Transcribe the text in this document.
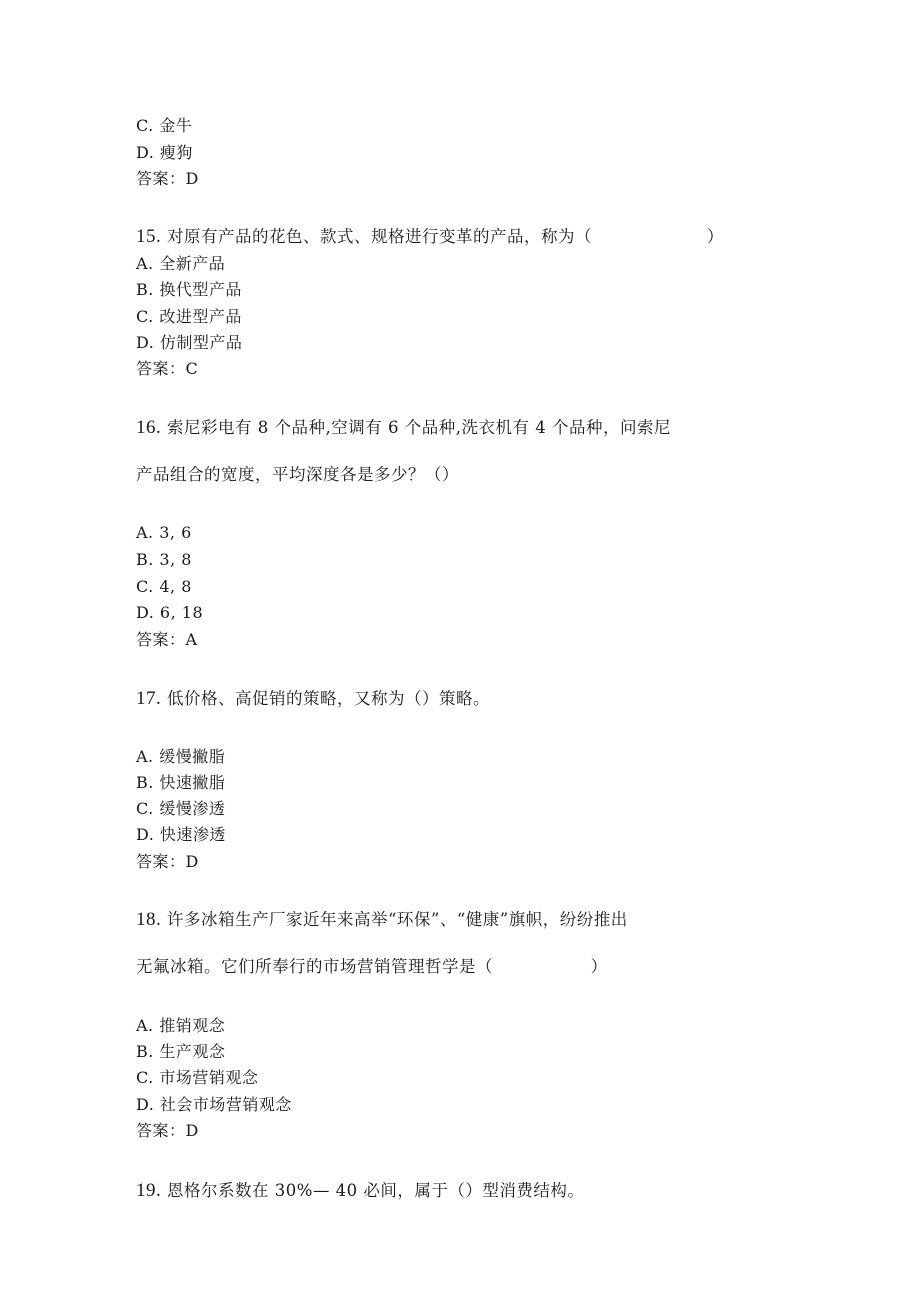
C. 金牛
D. 瘦狗
答案：D
15. 对原有产品的花色、款式、规格进行变革的产品，称为（                    ）
A. 全新产品
B. 换代型产品
C. 改进型产品
D. 仿制型产品
答案：C
16. 索尼彩电有 8 个品种,空调有 6 个品种,洗衣机有 4 个品种，问索尼
产品组合的宽度，平均深度各是多少？（）
A. 3, 6
B. 3, 8
C. 4, 8
D. 6, 18
答案：A
17. 低价格、高促销的策略，又称为（）策略。
A. 缓慢撇脂
B. 快速撇脂
C. 缓慢渗透
D. 快速渗透
答案：D
18. 许多冰箱生产厂家近年来高举“环保”、“健康”旗帜，纷纷推出
无氟冰箱。它们所奉行的市场营销管理哲学是（                 ）
A. 推销观念
B. 生产观念
C. 市场营销观念
D. 社会市场营销观念
答案：D
19. 恩格尔系数在 30%— 40 必间，属于（）型消费结构。
